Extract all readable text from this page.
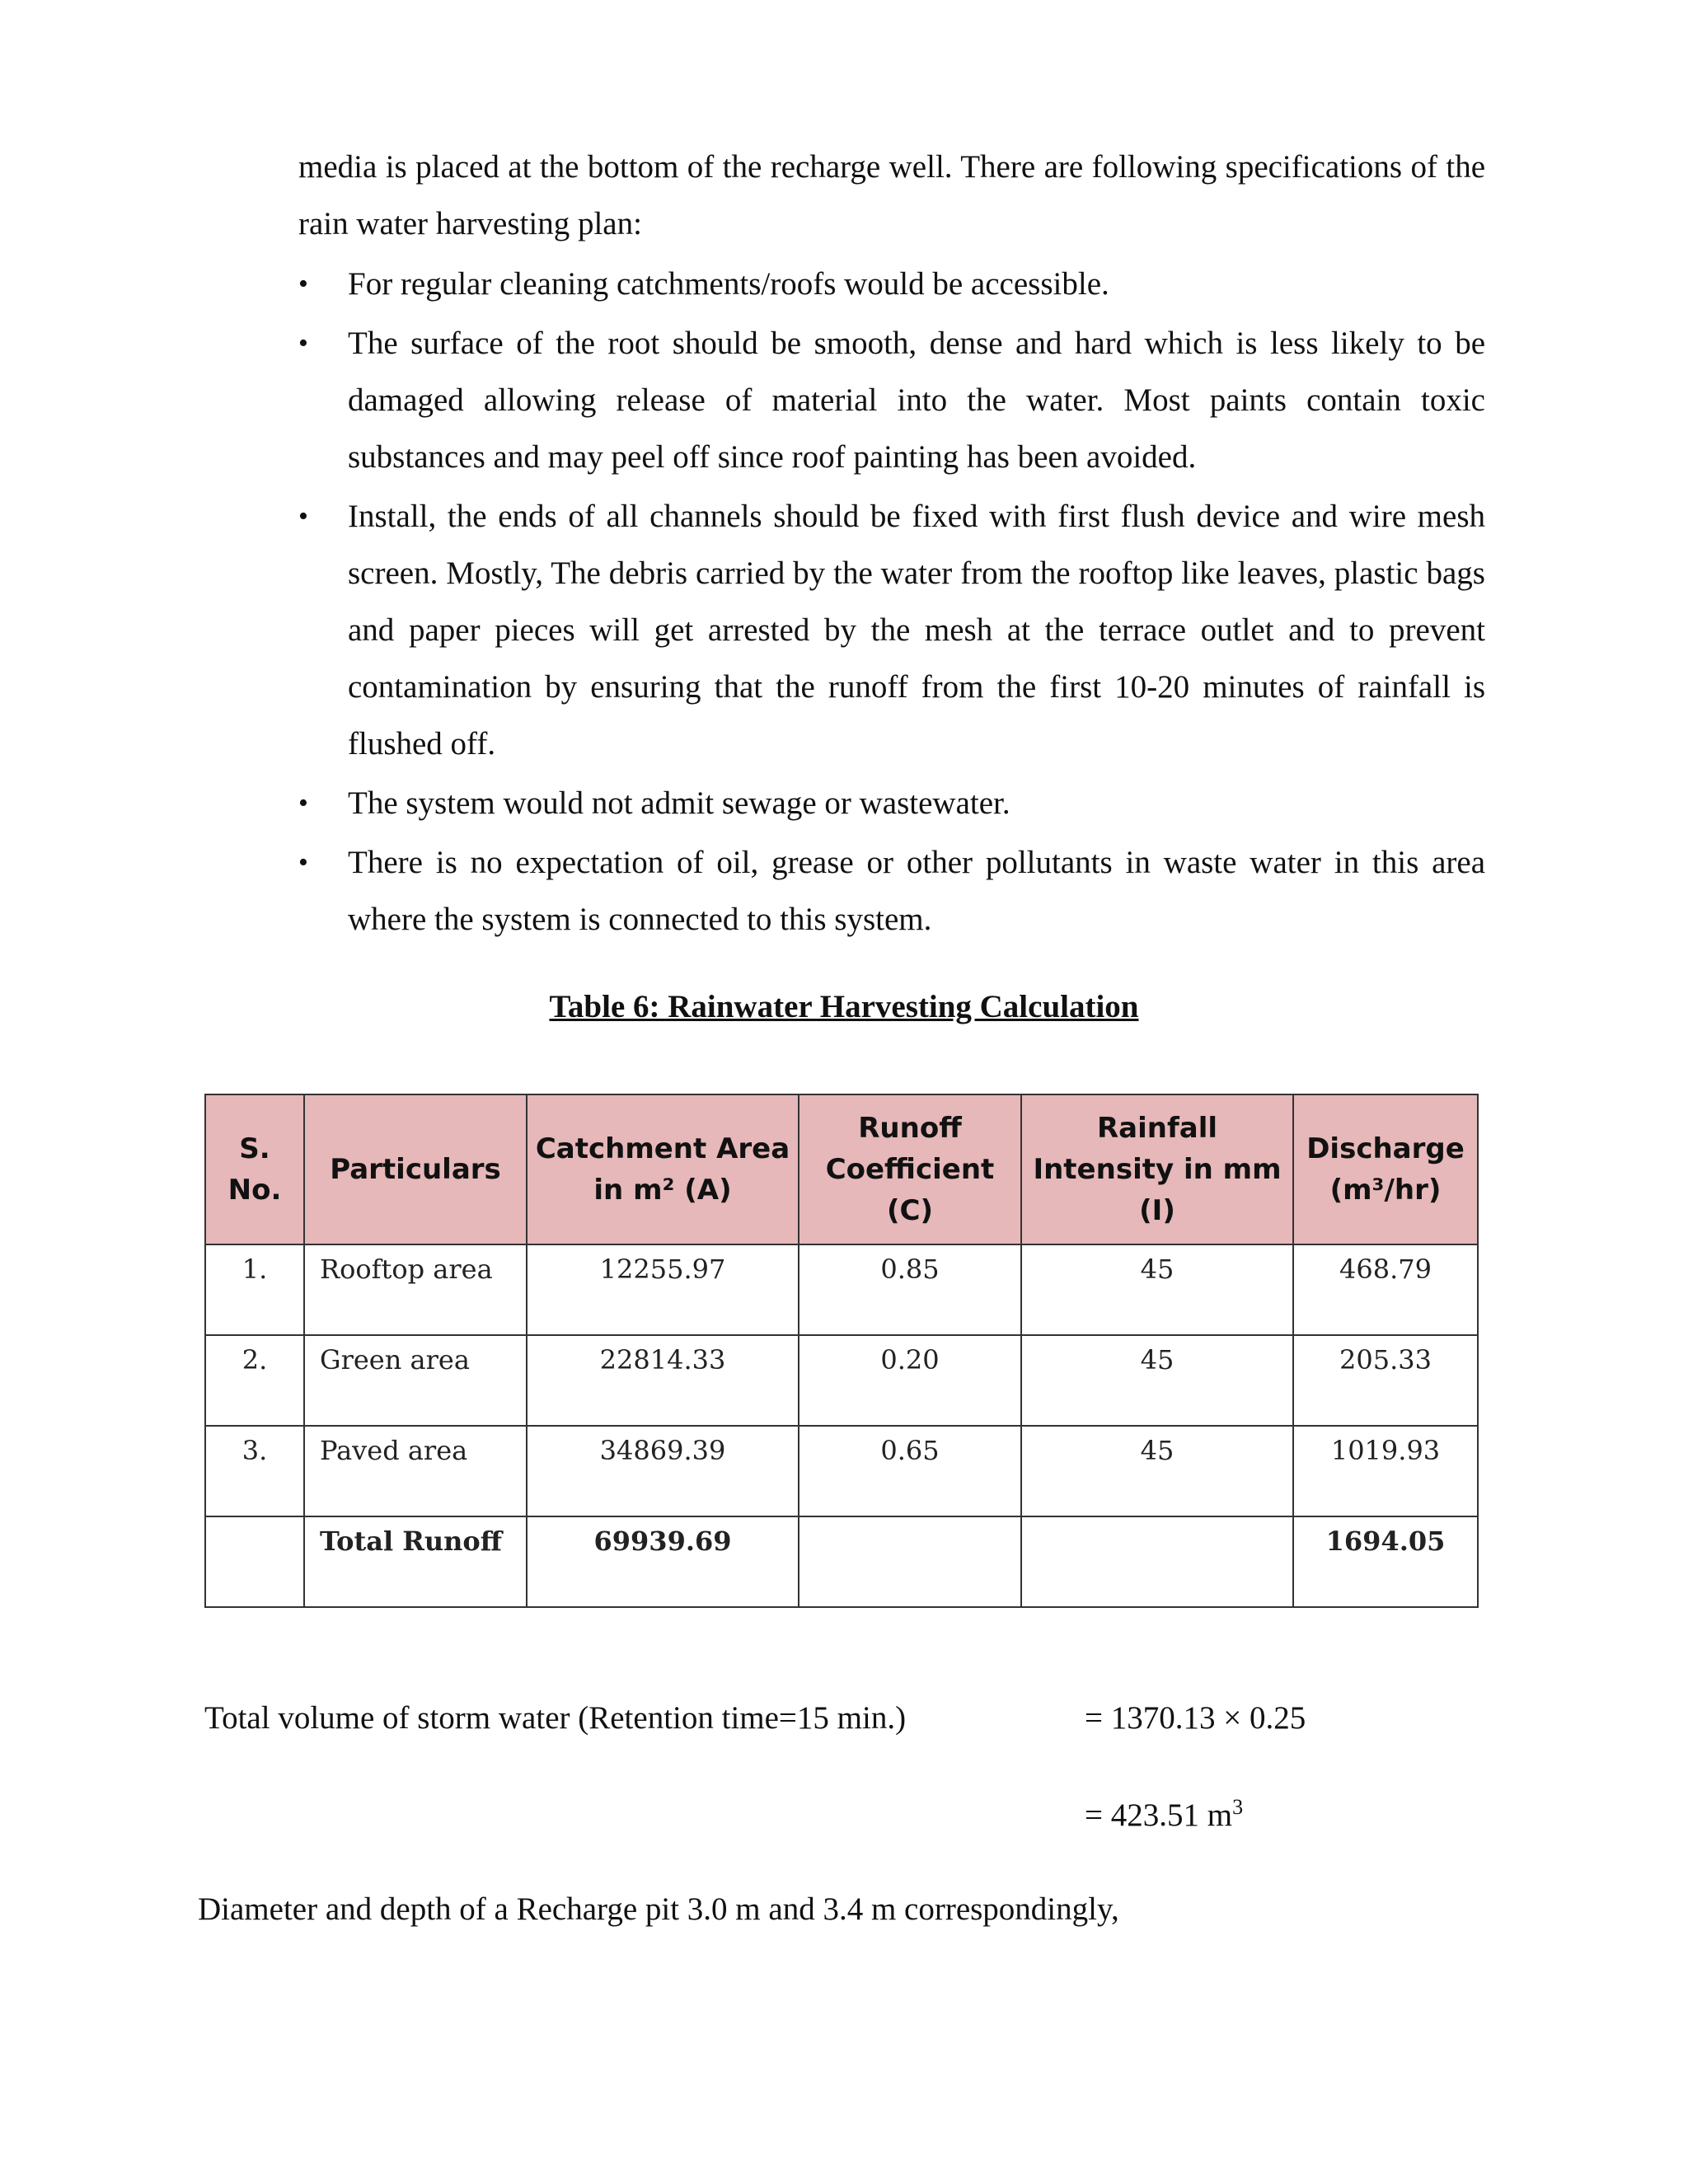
media is placed at the bottom of the recharge well. There are following specifications of the rain water harvesting plan:

• For regular cleaning catchments/roofs would be accessible.
• The surface of the root should be smooth, dense and hard which is less likely to be damaged allowing release of material into the water. Most paints contain toxic substances and may peel off since roof painting has been avoided.
• Install, the ends of all channels should be fixed with first flush device and wire mesh screen. Mostly, The debris carried by the water from the rooftop like leaves, plastic bags and paper pieces will get arrested by the mesh at the terrace outlet and to prevent contamination by ensuring that the runoff from the first 10-20 minutes of rainfall is flushed off.
• The system would not admit sewage or wastewater.
• There is no expectation of oil, grease or other pollutants in waste water in this area where the system is connected to this system.

Table 6: Rainwater Harvesting Calculation

S. No.	Particulars	Catchment Area in m² (A)	Runoff Coefficient (C)	Rainfall Intensity in mm (I)	Discharge (m³/hr)
1.	Rooftop area	12255.97	0.85	45	468.79
2.	Green area	22814.33	0.20	45	205.33
3.	Paved area	34869.39	0.65	45	1019.93
	Total Runoff	69939.69			1694.05

Total volume of storm water (Retention time=15 min.)	= 1370.13 × 0.25

= 423.51 $m^3$

Diameter and depth of a Recharge pit 3.0 m and 3.4 m correspondingly,
